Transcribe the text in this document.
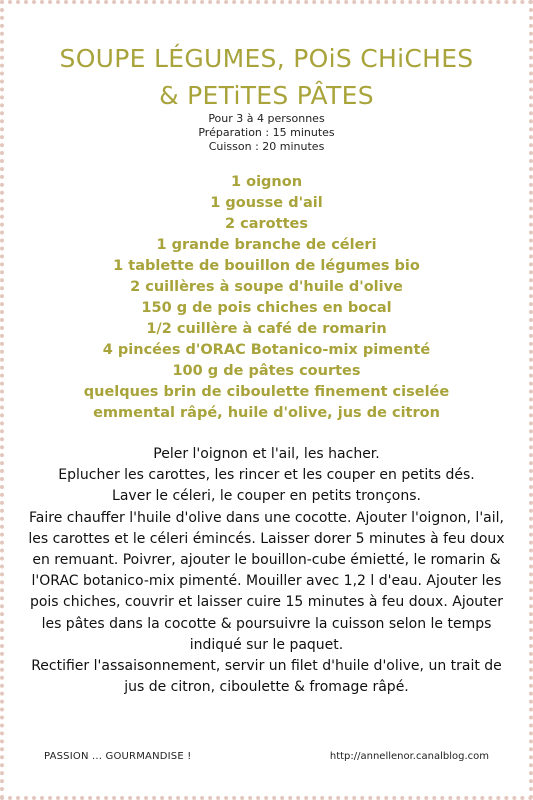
SOUPE LÉGUMES, POiS CHiCHES
& PETiTES PÂTES
Pour 3 à 4 personnes
Préparation : 15 minutes
Cuisson : 20 minutes
1 oignon
1 gousse d'ail
2 carottes
1 grande branche de céleri
1 tablette de bouillon de légumes bio
2 cuillères à soupe d'huile d'olive
150 g de pois chiches en bocal
1/2 cuillère à café de romarin
4 pincées d'ORAC Botanico-mix pimenté
100 g de pâtes courtes
quelques brin de ciboulette finement ciselée
emmental râpé, huile d'olive, jus de citron

Peler l'oignon et l'ail, les hacher.

Eplucher les carottes, les rincer et les couper en petits dés.

Laver le céleri, le couper en petits tronçons.

Faire chauffer l'huile d'olive dans une cocotte. Ajouter l'oignon, l'ail, les carottes et le céleri émincés. Laisser dorer 5 minutes à feu doux en remuant. Poivrer, ajouter le bouillon-cube émietté, le romarin & l'ORAC botanico-mix pimenté. Mouiller avec 1,2 l d'eau. Ajouter les pois chiches, couvrir et laisser cuire 15 minutes à feu doux. Ajouter les pâtes dans la cocotte & poursuivre la cuisson selon le temps indiqué sur le paquet.

Rectifier l'assaisonnement, servir un filet d'huile d'olive, un trait de jus de citron, ciboulette & fromage râpé.

PASSION ... GOURMANDISE !	http://annellenor.canalblog.com
